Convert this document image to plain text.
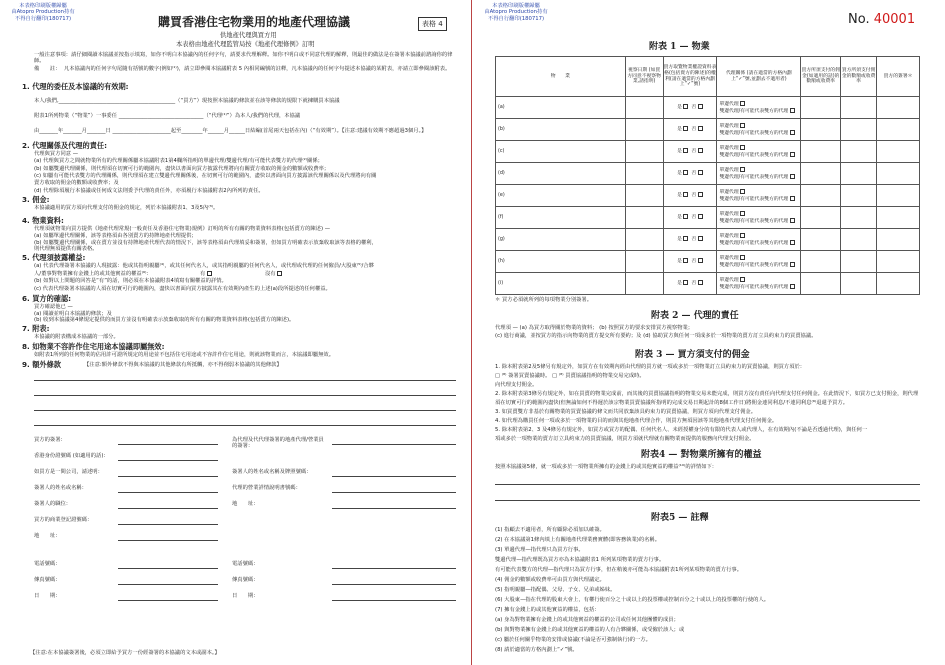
本表格印刷版權歸屬
由Atopro Production持有
不得自行翻印(180717)	購買香港住宅物業用的地產代理協議	表格 4
供地產代理與買方用
本表格由地產代理監管局按《地產代理條例》訂明
一般注意事項：請仔細閱讀本協議並按指示填寫，如你不明白本協議內的任何字句，請要求代理解釋。如你不明白或不同意代理的解釋，則最佳的做法是在簽署本協議前諮詢你的律師。
備　　註： 凡本協議內的任何字句尾隨有括號的數字(例如⁽¹⁾)，請立即參閱本協議附表 5 內相同編號的註釋，凡本協議內的任何字句提述本協議的某附表，亦請立即參閱該附表。
1. 代理的委任及本協議的有效期:
本人/我們,____________________________________________（“買方”）現按照本協議的條款並在該等條款的規限下就揀購買本協議
附表1所列物業（“物業”）一事委任 ________________________________（“代理⁽¹⁾”）為本人/我們的代理，本協議
由_______年_______月_______日 ______________________起至________年______月______日結編(首尾兩天包括在內)（“有效期”）。【注意:建議有效期不應超過3個月。】
2. 代理關係及代理的責任:
代理與買方同意 —
(a) 代理與買方之間就物業所有的代理關係屬本協議附表1第4欄所指明的單邊代理/雙邊代理/有可能代表雙方的代理⁽²⁾關係；
(b) 如屬雙邊代理關係，則代理須在切實可行的範圍內，盡快以書面向買方披露代理將向有關賣方收取的佣金的數額或收費率；
(c) 如屬有可能代表雙方的代理關係，則代理須在建立雙邊代理關係後，在切實可行的範圍內，盡快以書面向買方披露該代理關係以及代理將向有關
賣方收取的佣金的數額或收費率；及
(d) 代理除須履行本協議或任何成文法則委予代理的責任外，亦須履行本協議附表2內所列的責任。
3. 佣金:
本協議適用的買方須向代理支付的佣金的規定，列於本協議附表1、3及5內⁽³⁾。
4. 物業資料:
代理須就物業向買方提供《地產代理常規(一般責任及香港住宅物業)規例》訂明的所有有關的物業資料表格(包括賣方的陳述) —
(a) 如屬單邊代理關係，該等表格須由各別賣方的持牌地產代理提供；
(b) 如屬雙邊代理關係，或在賣方並沒有持牌地產代理代表的情況下，該等表格須由代理填妥和簽署，但如買方明確表示放棄收取該等表格的權利，
則代理無須提供有關表格。
5. 代理須披露權益:
(a) 代表代理簽署本協議的人現披露：他或其指明親屬⁽⁴⁾，或其任何代名人，或其指明親屬的任何代名人，或代理或代理的任何僱員/大股東⁽⁵⁾/合夥
人/董事對物業擁有金錢上的或其他實益的權益⁽⁶⁾：
(b) 如對以上問題的回答是“有”的話，則必須在本協議附表4填寫有關權益的詳情。
(c) 代表代理簽署本協議的人須在切實可行的範圍內，盡快以書面向買方披露其在有效期內產生的上述(a)段所提述的任何權益。
有	沒有
6. 買方的確認:
買方確認他已 —
(a) 閱讀並明白本協議的條款；及
(b) 收到本協議第4條規定提供的而買方並沒有明確表示放棄收取的所有有關的物業資料表格(包括賣方的陳述)。
7. 附表:
本協議的附表構成本協議的一部分。
8. 如物業不容許作住宅用途本協議即屬無效:
如附表1所列的任何物業的佔用許可證所規定的用途並不包括住宅用途或不容許作住宅用途，則就該物業而言，本協議即屬無效。
9. 額外條款	【注意:額外條款不得與本協議的其他條款有所抵觸，亦不得削弱本協議的其他條款】
【注意:在本協議簽署後，必須立即給予買方一份經簽署的本協議的文本或副本。】
買方的簽署：
香港身份證號碼 (如適用的話)：
如買方是一間公司，請述明：
簽署人的姓名或名稱：
簽署人的職位：
買方的商業登記證號碼：
地　　址：
電話號碼：
傳真號碼：
日　　期：
為代理及代代理簽署的地產代理/營業員的簽署：
簽署人的姓名或名稱及牌照號碼：
代理的營業詳情說明書號碼：
地　　址：
電話號碼：
傳真號碼：
日　　期：
本表格印刷版權歸屬
由Atopro Production持有
不得自行翻印(180717)	No. 40001
附表 1 — 物業
物　　業	視察日期 (如買方同意不視察物業,請指明)	買方取覽物業權證資料表格(包括賣方的陳述)的權利(請在適當的方格內劃上“✓”號)	代理關係 (請在適當的方格內劃上“✓”號,並劃去不適用者)	買方所須支付的佣金(如適用的話)的數額或收費率	買方所須支付佣金的數額或收費率	買方的簽署＊
(a)		是 否	單邊代理
雙邊代理/有可能代表雙方的代理			

(b)		是 否	單邊代理
雙邊代理/有可能代表雙方的代理			

(c)		是 否	單邊代理
雙邊代理/有可能代表雙方的代理			

(d)		是 否	單邊代理
雙邊代理/有可能代表雙方的代理			

(e)		是 否	單邊代理
雙邊代理/有可能代表雙方的代理			

(f)		是 否	單邊代理
雙邊代理/有可能代表雙方的代理			

(g)		是 否	單邊代理
雙邊代理/有可能代表雙方的代理			

(h)		是 否	單邊代理
雙邊代理/有可能代表雙方的代理			

(i)		是 否	單邊代理
雙邊代理/有可能代表雙方的代理			

＊ 買方必須就所列的每項物業分別簽署。
附表 2 — 代理的責任
代理須 — (a) 為買方取得關於物業的資料； (b) 按照買方的要求安排買方視察物業；
(c) 進行商議，並按買方的指示向物業的賣方提交所有要約；及 (d) 協助買方與任何一項成多於一項物業的賣方訂立具約束力的買賣協議。
附表 3 — 買方須支付的佣金
1. 除本附表第2及5條另有規定外，如買方在有效期內經由代理的買方就一項或多於一項物業訂立具約束力的買賣協議，則買方須於：
□ ⁽⁸⁾ 簽署買賣協議時。 □ ⁽⁸⁾ 買賣協議指明的物業交易完成時。
向代理支付佣金。
2. 除本附表第3條另有規定外，如在買賣的物業完成前，而其後的買賣協議指明的物業交易未能完成，則買方沒有責任向代理支付任何佣金。在此情況下，如買方已支付佣金，則代理
須在切實可行的範圍內盡快(但無論如何不得遲於該宗物業買賣協議所指明的完成交易日期起計的8個工作日)將佣金連同利息/不連同利息⁽⁹⁾退還予買方。
3. 如買賣雙方非基於有關物業的買賣協議的條文而共同放棄該具約束力的買賣協議，則買方須向代理支付佣金。
4. 如代理為購買任何一項或多於一項物業的目的而與其他地產代理合作，則買方無須因該等其他地產代理支付任何佣金。
5. 除本附表第2、3 及4條另有規定外，如買方或買方的配偶、任何代名人、未經授權身分的有限的代表人或代理人，在有效期內(不論是否透過代理)，與任何一
項或多於一項物業的賣方訂立具約束力的買賣協議，則買方須就代理就有關物業而提供的服務向代理支付佣金。
附表4 — 對物業所擁有的權益
按照本協議第5條，就一項或多於一項物業所擁有的金錢上的或其他實益的權益⁽¹⁰⁾的詳情如下：
附表5 — 註釋
(1) 指顧去不適用者，所有顧除必須加以確簽。
(2) 在本協議第1條內填上有關地產代理業務實體(即客務執業)的名稱。
(3) 單邊代理—指代理只為買方行事。
雙邊代理—指代理既為買方亦為本協議附表1 所列某項物業的賣方行事。
有可能代表雙方的代理—指代理只為買方行事，但在稍後亦可能為本協議附表1所列某項物業的賣方行事。
(4) 佣金的數額或收費率可由買方與代理議定。
(5) 指明親屬—指配偶、父母、子女、兄弟或姊妹。
(6) 大股東—指在代理的股東大會上，有權行使百分之十或以上的投票權或控制百分之十或以上的投票權的行使的人。
(7) 擁有金錢上的或其他實益的權益，包括：
(a) 身為對物業擁有金錢上的或其他實益的權益的公司或任何其他團體的成員；
(b) 與對物業擁有金錢上的或其他實益的權益的人有合夥關係，或受僱於該人；或
(c) 屬於任何關乎物業的安排或協議(不論是否可強制執行)的一方。
(8) 請於適當的方格內劃上“✓”號。
